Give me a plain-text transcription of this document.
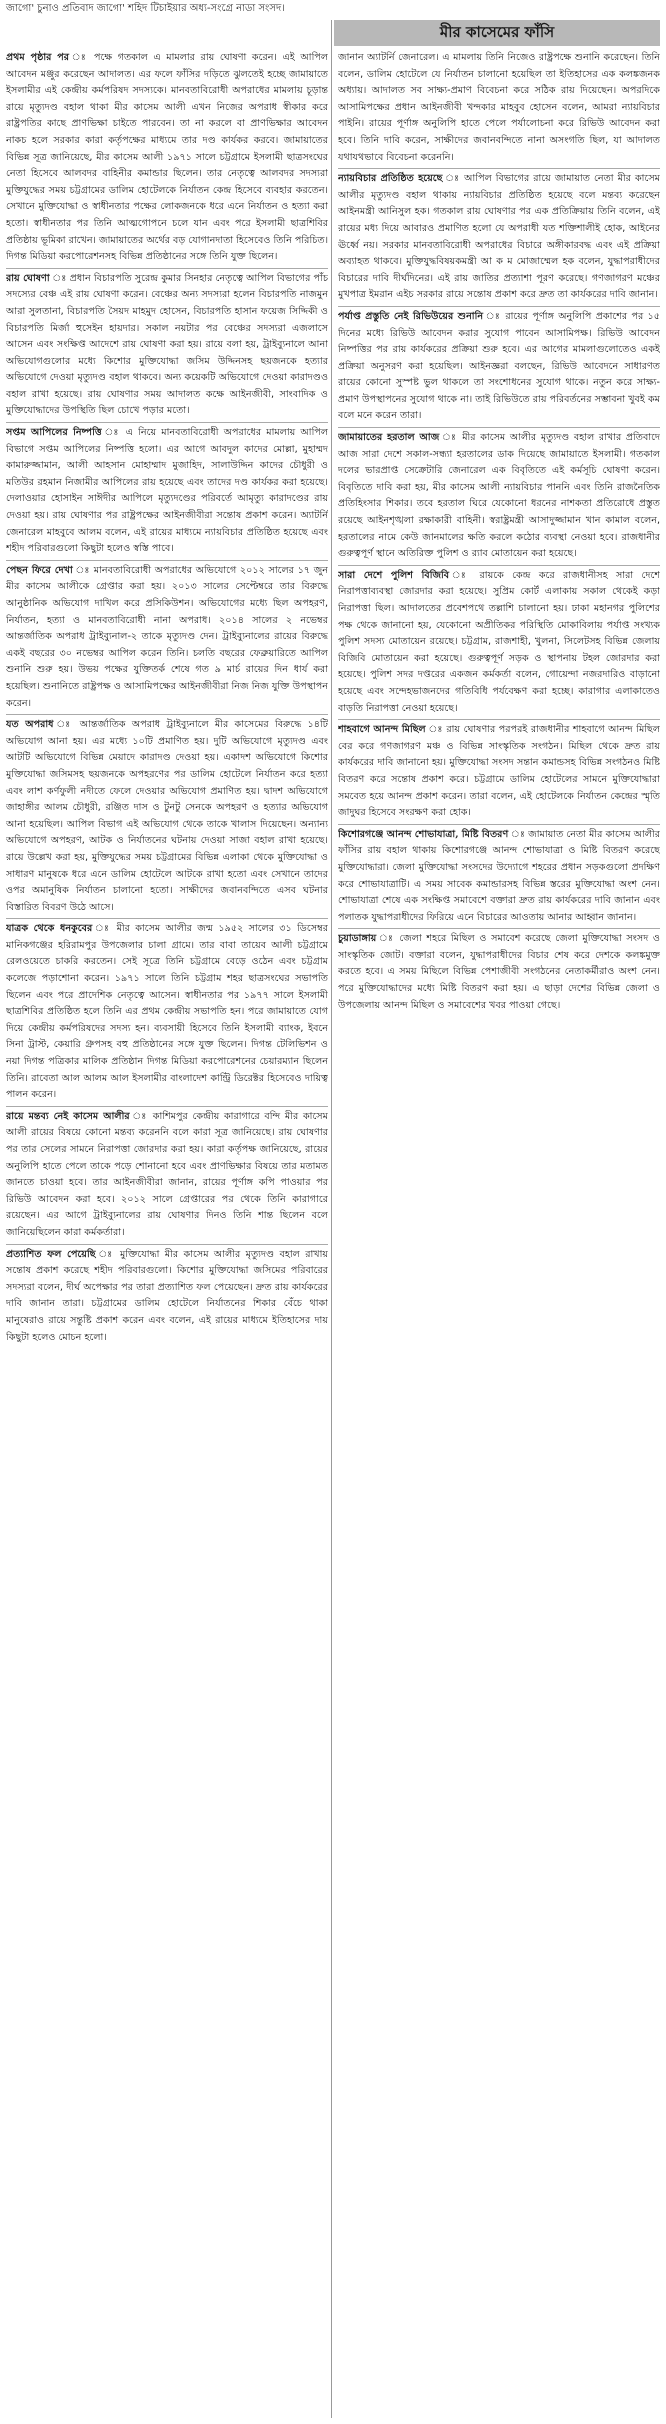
জাগো' চুনাও প্রতিবাদ জাগো' শহিদ টিচাইয়ার অধ্য-সংগ্রে নাডা সংসদ।
মীর কাসেমের ফাঁসি
প্রথম পৃষ্ঠার পর ঃ পক্ষে গতকাল এ মামলার রায় ঘোষণা করেন। এই আপিল আবেদন মঞ্জুর করেছেন আদালত। এর ফলে ফাঁসির দড়িতে ঝুলতেই হচ্ছে জামায়াতে ইসলামীর এই কেন্দ্রীয় কর্মপরিষদ সদস্যকে। মানবতাবিরোধী অপরাধের মামলায় চূড়ান্ত রায়ে মৃত্যুদণ্ড বহাল থাকা মীর কাসেম আলী এখন নিজের অপরাধ স্বীকার করে রাষ্ট্রপতির কাছে প্রাণভিক্ষা চাইতে পারবেন। তা না করলে বা প্রাণভিক্ষার আবেদন নাকচ হলে সরকার কারা কর্তৃপক্ষের মাধ্যমে তার দণ্ড কার্যকর করবে। জামায়াতের বিভিন্ন সূত্র জানিয়েছে, মীর কাসেম আলী ১৯৭১ সালে চট্টগ্রামে ইসলামী ছাত্রসংঘের নেতা হিসেবে আলবদর বাহিনীর কমান্ডার ছিলেন। তার নেতৃত্বে আলবদর সদস্যরা মুক্তিযুদ্ধের সময় চট্টগ্রামের ডালিম হোটেলকে নির্যাতন কেন্দ্র হিসেবে ব্যবহার করতেন। সেখানে মুক্তিযোদ্ধা ও স্বাধীনতার পক্ষের লোকজনকে ধরে এনে নির্যাতন ও হত্যা করা হতো। স্বাধীনতার পর তিনি আত্মগোপনে চলে যান এবং পরে ইসলামী ছাত্রশিবির প্রতিষ্ঠায় ভূমিকা রাখেন। জামায়াতের অর্থের বড় যোগানদাতা হিসেবেও তিনি পরিচিত। দিগন্ত মিডিয়া করপোরেশনসহ বিভিন্ন প্রতিষ্ঠানের সঙ্গে তিনি যুক্ত ছিলেন।
রায় ঘোষণা ঃ প্রধান বিচারপতি সুরেন্দ্র কুমার সিনহার নেতৃত্বে আপিল বিভাগের পাঁচ সদস্যের বেঞ্চ এই রায় ঘোষণা করেন। বেঞ্চের অন্য সদস্যরা হলেন বিচারপতি নাজমুন আরা সুলতানা, বিচারপতি সৈয়দ মাহমুদ হোসেন, বিচারপতি হাসান ফয়েজ সিদ্দিকী ও বিচারপতি মির্জা হুসেইন হায়দার। সকাল নয়টার পর বেঞ্চের সদস্যরা এজলাসে আসেন এবং সংক্ষিপ্ত আদেশে রায় ঘোষণা করা হয়। রায়ে বলা হয়, ট্রাইব্যুনালে আনা অভিযোগগুলোর মধ্যে কিশোর মুক্তিযোদ্ধা জসিম উদ্দিনসহ ছয়জনকে হত্যার অভিযোগে দেওয়া মৃত্যুদণ্ড বহাল থাকবে। অন্য কয়েকটি অভিযোগে দেওয়া কারাদণ্ডও বহাল রাখা হয়েছে। রায় ঘোষণার সময় আদালত কক্ষে আইনজীবী, সাংবাদিক ও মুক্তিযোদ্ধাদের উপস্থিতি ছিল চোখে পড়ার মতো।
সপ্তম আপিলের নিষ্পত্তি ঃ এ নিয়ে মানবতাবিরোধী অপরাধের মামলায় আপিল বিভাগে সপ্তম আপিলের নিষ্পত্তি হলো। এর আগে আবদুল কাদের মোল্লা, মুহাম্মদ কামারুজ্জামান, আলী আহসান মোহাম্মাদ মুজাহিদ, সালাউদ্দিন কাদের চৌধুরী ও মতিউর রহমান নিজামীর আপিলের রায় হয়েছে এবং তাদের দণ্ড কার্যকর করা হয়েছে। দেলাওয়ার হোসাইন সাঈদীর আপিলে মৃত্যুদণ্ডের পরিবর্তে আমৃত্যু কারাদণ্ডের রায় দেওয়া হয়। রায় ঘোষণার পর রাষ্ট্রপক্ষের আইনজীবীরা সন্তোষ প্রকাশ করেন। অ্যাটর্নি জেনারেল মাহবুবে আলম বলেন, এই রায়ের মাধ্যমে ন্যায়বিচার প্রতিষ্ঠিত হয়েছে এবং শহীদ পরিবারগুলো কিছুটা হলেও স্বস্তি পাবে।
পেছন ফিরে দেখা ঃ মানবতাবিরোধী অপরাধের অভিযোগে ২০১২ সালের ১৭ জুন মীর কাসেম আলীকে গ্রেপ্তার করা হয়। ২০১৩ সালের সেপ্টেম্বরে তার বিরুদ্ধে আনুষ্ঠানিক অভিযোগ দাখিল করে প্রসিকিউশন। অভিযোগের মধ্যে ছিল অপহরণ, নির্যাতন, হত্যা ও মানবতাবিরোধী নানা অপরাধ। ২০১৪ সালের ২ নভেম্বর আন্তর্জাতিক অপরাধ ট্রাইব্যুনাল-২ তাকে মৃত্যুদণ্ড দেন। ট্রাইব্যুনালের রায়ের বিরুদ্ধে একই বছরের ৩০ নভেম্বর আপিল করেন তিনি। চলতি বছরের ফেব্রুয়ারিতে আপিল শুনানি শুরু হয়। উভয় পক্ষের যুক্তিতর্ক শেষে গত ৯ মার্চ রায়ের দিন ধার্য করা হয়েছিল। শুনানিতে রাষ্ট্রপক্ষ ও আসামিপক্ষের আইনজীবীরা নিজ নিজ যুক্তি উপস্থাপন করেন।
যত অপরাধ ঃ আন্তর্জাতিক অপরাধ ট্রাইব্যুনালে মীর কাসেমের বিরুদ্ধে ১৪টি অভিযোগ আনা হয়। এর মধ্যে ১০টি প্রমাণিত হয়। দুটি অভিযোগে মৃত্যুদণ্ড এবং আটটি অভিযোগে বিভিন্ন মেয়াদে কারাদণ্ড দেওয়া হয়। একাদশ অভিযোগে কিশোর মুক্তিযোদ্ধা জসিমসহ ছয়জনকে অপহরণের পর ডালিম হোটেলে নির্যাতন করে হত্যা এবং লাশ কর্ণফুলী নদীতে ফেলে দেওয়ার অভিযোগ প্রমাণিত হয়। দ্বাদশ অভিযোগে জাহাঙ্গীর আলম চৌধুরী, রঞ্জিত দাস ও টুনটু সেনকে অপহরণ ও হত্যার অভিযোগ আনা হয়েছিল। আপিল বিভাগ এই অভিযোগ থেকে তাকে খালাস দিয়েছেন। অন্যান্য অভিযোগে অপহরণ, আটক ও নির্যাতনের ঘটনায় দেওয়া সাজা বহাল রাখা হয়েছে। রায়ে উল্লেখ করা হয়, মুক্তিযুদ্ধের সময় চট্টগ্রামের বিভিন্ন এলাকা থেকে মুক্তিযোদ্ধা ও সাধারণ মানুষকে ধরে এনে ডালিম হোটেলে আটকে রাখা হতো এবং সেখানে তাদের ওপর অমানুষিক নির্যাতন চালানো হতো। সাক্ষীদের জবানবন্দিতে এসব ঘটনার বিস্তারিত বিবরণ উঠে আসে।
যাত্রক থেকে ধনকুবের ঃ মীর কাসেম আলীর জন্ম ১৯৫২ সালের ৩১ ডিসেম্বর মানিকগঞ্জের হরিরামপুর উপজেলার চালা গ্রামে। তার বাবা তায়েব আলী চট্টগ্রামে রেলওয়েতে চাকরি করতেন। সেই সূত্রে তিনি চট্টগ্রামে বেড়ে ওঠেন এবং চট্টগ্রাম কলেজে পড়াশোনা করেন। ১৯৭১ সালে তিনি চট্টগ্রাম শহর ছাত্রসংঘের সভাপতি ছিলেন এবং পরে প্রাদেশিক নেতৃত্বে আসেন। স্বাধীনতার পর ১৯৭৭ সালে ইসলামী ছাত্রশিবির প্রতিষ্ঠিত হলে তিনি এর প্রথম কেন্দ্রীয় সভাপতি হন। পরে জামায়াতে যোগ দিয়ে কেন্দ্রীয় কর্মপরিষদের সদস্য হন। ব্যবসায়ী হিসেবে তিনি ইসলামী ব্যাংক, ইবনে সিনা ট্রাস্ট, কেয়ারি গ্রুপসহ বহু প্রতিষ্ঠানের সঙ্গে যুক্ত ছিলেন। দিগন্ত টেলিভিশন ও নয়া দিগন্ত পত্রিকার মালিক প্রতিষ্ঠান দিগন্ত মিডিয়া করপোরেশনের চেয়ারম্যান ছিলেন তিনি। রাবেতা আল আলম আল ইসলামীর বাংলাদেশ কান্ট্রি ডিরেক্টর হিসেবেও দায়িত্ব পালন করেন।
রায়ে মন্তব্য নেই কাসেম আলীর ঃ কাশিমপুর কেন্দ্রীয় কারাগারে বন্দি মীর কাসেম আলী রায়ের বিষয়ে কোনো মন্তব্য করেননি বলে কারা সূত্র জানিয়েছে। রায় ঘোষণার পর তার সেলের সামনে নিরাপত্তা জোরদার করা হয়। কারা কর্তৃপক্ষ জানিয়েছে, রায়ের অনুলিপি হাতে পেলে তাকে পড়ে শোনানো হবে এবং প্রাণভিক্ষার বিষয়ে তার মতামত জানতে চাওয়া হবে। তার আইনজীবীরা জানান, রায়ের পূর্ণাঙ্গ কপি পাওয়ার পর রিভিউ আবেদন করা হবে। ২০১২ সালে গ্রেপ্তারের পর থেকে তিনি কারাগারে রয়েছেন। এর আগে ট্রাইব্যুনালের রায় ঘোষণার দিনও তিনি শান্ত ছিলেন বলে জানিয়েছিলেন কারা কর্মকর্তারা।
প্রত্যাশিত ফল পেয়েছি ঃ মুক্তিযোদ্ধা মীর কাসেম আলীর মৃত্যুদণ্ড বহাল রাখায় সন্তোষ প্রকাশ করেছে শহীদ পরিবারগুলো। কিশোর মুক্তিযোদ্ধা জসিমের পরিবারের সদস্যরা বলেন, দীর্ঘ অপেক্ষার পর তারা প্রত্যাশিত ফল পেয়েছেন। দ্রুত রায় কার্যকরের দাবি জানান তারা। চট্টগ্রামের ডালিম হোটেলে নির্যাতনের শিকার বেঁচে থাকা মানুষেরাও রায়ে সন্তুষ্টি প্রকাশ করেন এবং বলেন, এই রায়ের মাধ্যমে ইতিহাসের দায় কিছুটা হলেও মোচন হলো।
জানান অ্যাটর্নি জেনারেল। এ মামলায় তিনি নিজেও রাষ্ট্রপক্ষে শুনানি করেছেন। তিনি বলেন, ডালিম হোটেলে যে নির্যাতন চালানো হয়েছিল তা ইতিহাসের এক কলঙ্কজনক অধ্যায়। আদালত সব সাক্ষ্য-প্রমাণ বিবেচনা করে সঠিক রায় দিয়েছেন। অপরদিকে আসামিপক্ষের প্রধান আইনজীবী খন্দকার মাহবুব হোসেন বলেন, আমরা ন্যায়বিচার পাইনি। রায়ের পূর্ণাঙ্গ অনুলিপি হাতে পেলে পর্যালোচনা করে রিভিউ আবেদন করা হবে। তিনি দাবি করেন, সাক্ষীদের জবানবন্দিতে নানা অসংগতি ছিল, যা আদালত যথাযথভাবে বিবেচনা করেননি।
ন্যায়বিচার প্রতিষ্ঠিত হয়েছে ঃ আপিল বিভাগের রায়ে জামায়াত নেতা মীর কাসেম আলীর মৃত্যুদণ্ড বহাল থাকায় ন্যায়বিচার প্রতিষ্ঠিত হয়েছে বলে মন্তব্য করেছেন আইনমন্ত্রী আনিসুল হক। গতকাল রায় ঘোষণার পর এক প্রতিক্রিয়ায় তিনি বলেন, এই রায়ের মধ্য দিয়ে আবারও প্রমাণিত হলো যে অপরাধী যত শক্তিশালীই হোক, আইনের ঊর্ধ্বে নয়। সরকার মানবতাবিরোধী অপরাধের বিচারে অঙ্গীকারবদ্ধ এবং এই প্রক্রিয়া অব্যাহত থাকবে। মুক্তিযুদ্ধবিষয়কমন্ত্রী আ ক ম মোজাম্মেল হক বলেন, যুদ্ধাপরাধীদের বিচারের দাবি দীর্ঘদিনের। এই রায় জাতির প্রত্যাশা পূরণ করেছে। গণজাগরণ মঞ্চের মুখপাত্র ইমরান এইচ সরকার রায়ে সন্তোষ প্রকাশ করে দ্রুত তা কার্যকরের দাবি জানান।
পর্যাপ্ত প্রস্তুতি নেই রিভিউয়ের শুনানি ঃ রায়ের পূর্ণাঙ্গ অনুলিপি প্রকাশের পর ১৫ দিনের মধ্যে রিভিউ আবেদন করার সুযোগ পাবেন আসামিপক্ষ। রিভিউ আবেদন নিষ্পত্তির পর রায় কার্যকরের প্রক্রিয়া শুরু হবে। এর আগের মামলাগুলোতেও একই প্রক্রিয়া অনুসরণ করা হয়েছিল। আইনজ্ঞরা বলছেন, রিভিউ আবেদনে সাধারণত রায়ের কোনো সুস্পষ্ট ভুল থাকলে তা সংশোধনের সুযোগ থাকে। নতুন করে সাক্ষ্য-প্রমাণ উপস্থাপনের সুযোগ থাকে না। তাই রিভিউতে রায় পরিবর্তনের সম্ভাবনা খুবই কম বলে মনে করেন তারা।
জামায়াতের হরতাল আজ ঃ মীর কাসেম আলীর মৃত্যুদণ্ড বহাল রাখার প্রতিবাদে আজ সারা দেশে সকাল-সন্ধ্যা হরতালের ডাক দিয়েছে জামায়াতে ইসলামী। গতকাল দলের ভারপ্রাপ্ত সেক্রেটারি জেনারেল এক বিবৃতিতে এই কর্মসূচি ঘোষণা করেন। বিবৃতিতে দাবি করা হয়, মীর কাসেম আলী ন্যায়বিচার পাননি এবং তিনি রাজনৈতিক প্রতিহিংসার শিকার। তবে হরতাল ঘিরে যেকোনো ধরনের নাশকতা প্রতিরোধে প্রস্তুত রয়েছে আইনশৃঙ্খলা রক্ষাকারী বাহিনী। স্বরাষ্ট্রমন্ত্রী আসাদুজ্জামান খান কামাল বলেন, হরতালের নামে কেউ জানমালের ক্ষতি করলে কঠোর ব্যবস্থা নেওয়া হবে। রাজধানীর গুরুত্বপূর্ণ স্থানে অতিরিক্ত পুলিশ ও র‌্যাব মোতায়েন করা হয়েছে।
সারা দেশে পুলিশ বিজিবি ঃ রায়কে কেন্দ্র করে রাজধানীসহ সারা দেশে নিরাপত্তাব্যবস্থা জোরদার করা হয়েছে। সুপ্রিম কোর্ট এলাকায় সকাল থেকেই কড়া নিরাপত্তা ছিল। আদালতের প্রবেশপথে তল্লাশি চালানো হয়। ঢাকা মহানগর পুলিশের পক্ষ থেকে জানানো হয়, যেকোনো অপ্রীতিকর পরিস্থিতি মোকাবিলায় পর্যাপ্ত সংখ্যক পুলিশ সদস্য মোতায়েন রয়েছে। চট্টগ্রাম, রাজশাহী, খুলনা, সিলেটসহ বিভিন্ন জেলায় বিজিবি মোতায়েন করা হয়েছে। গুরুত্বপূর্ণ সড়ক ও স্থাপনায় টহল জোরদার করা হয়েছে। পুলিশ সদর দপ্তরের একজন কর্মকর্তা বলেন, গোয়েন্দা নজরদারিও বাড়ানো হয়েছে এবং সন্দেহভাজনদের গতিবিধি পর্যবেক্ষণ করা হচ্ছে। কারাগার এলাকাতেও বাড়তি নিরাপত্তা নেওয়া হয়েছে।
শাহবাগে আনন্দ মিছিল ঃ রায় ঘোষণার পরপরই রাজধানীর শাহবাগে আনন্দ মিছিল বের করে গণজাগরণ মঞ্চ ও বিভিন্ন সাংস্কৃতিক সংগঠন। মিছিল থেকে দ্রুত রায় কার্যকরের দাবি জানানো হয়। মুক্তিযোদ্ধা সংসদ সন্তান কমান্ডসহ বিভিন্ন সংগঠনও মিষ্টি বিতরণ করে সন্তোষ প্রকাশ করে। চট্টগ্রামে ডালিম হোটেলের সামনে মুক্তিযোদ্ধারা সমবেত হয়ে আনন্দ প্রকাশ করেন। তারা বলেন, এই হোটেলকে নির্যাতন কেন্দ্রের স্মৃতি জাদুঘর হিসেবে সংরক্ষণ করা হোক।
কিশোরগঞ্জে আনন্দ শোভাযাত্রা, মিষ্টি বিতরণ ঃ জামায়াত নেতা মীর কাসেম আলীর ফাঁসির রায় বহাল থাকায় কিশোরগঞ্জে আনন্দ শোভাযাত্রা ও মিষ্টি বিতরণ করেছে মুক্তিযোদ্ধারা। জেলা মুক্তিযোদ্ধা সংসদের উদ্যোগে শহরের প্রধান সড়কগুলো প্রদক্ষিণ করে শোভাযাত্রাটি। এ সময় সাবেক কমান্ডারসহ বিভিন্ন স্তরের মুক্তিযোদ্ধা অংশ নেন। শোভাযাত্রা শেষে এক সংক্ষিপ্ত সমাবেশে বক্তারা দ্রুত রায় কার্যকরের দাবি জানান এবং পলাতক যুদ্ধাপরাধীদের ফিরিয়ে এনে বিচারের আওতায় আনার আহ্বান জানান।
চুয়াডাঙ্গায় ঃ জেলা শহরে মিছিল ও সমাবেশ করেছে জেলা মুক্তিযোদ্ধা সংসদ ও সাংস্কৃতিক জোট। বক্তারা বলেন, যুদ্ধাপরাধীদের বিচার শেষ করে দেশকে কলঙ্কমুক্ত করতে হবে। এ সময় মিছিলে বিভিন্ন পেশাজীবী সংগঠনের নেতাকর্মীরাও অংশ নেন। পরে মুক্তিযোদ্ধাদের মধ্যে মিষ্টি বিতরণ করা হয়। এ ছাড়া দেশের বিভিন্ন জেলা ও উপজেলায় আনন্দ মিছিল ও সমাবেশের খবর পাওয়া গেছে।
